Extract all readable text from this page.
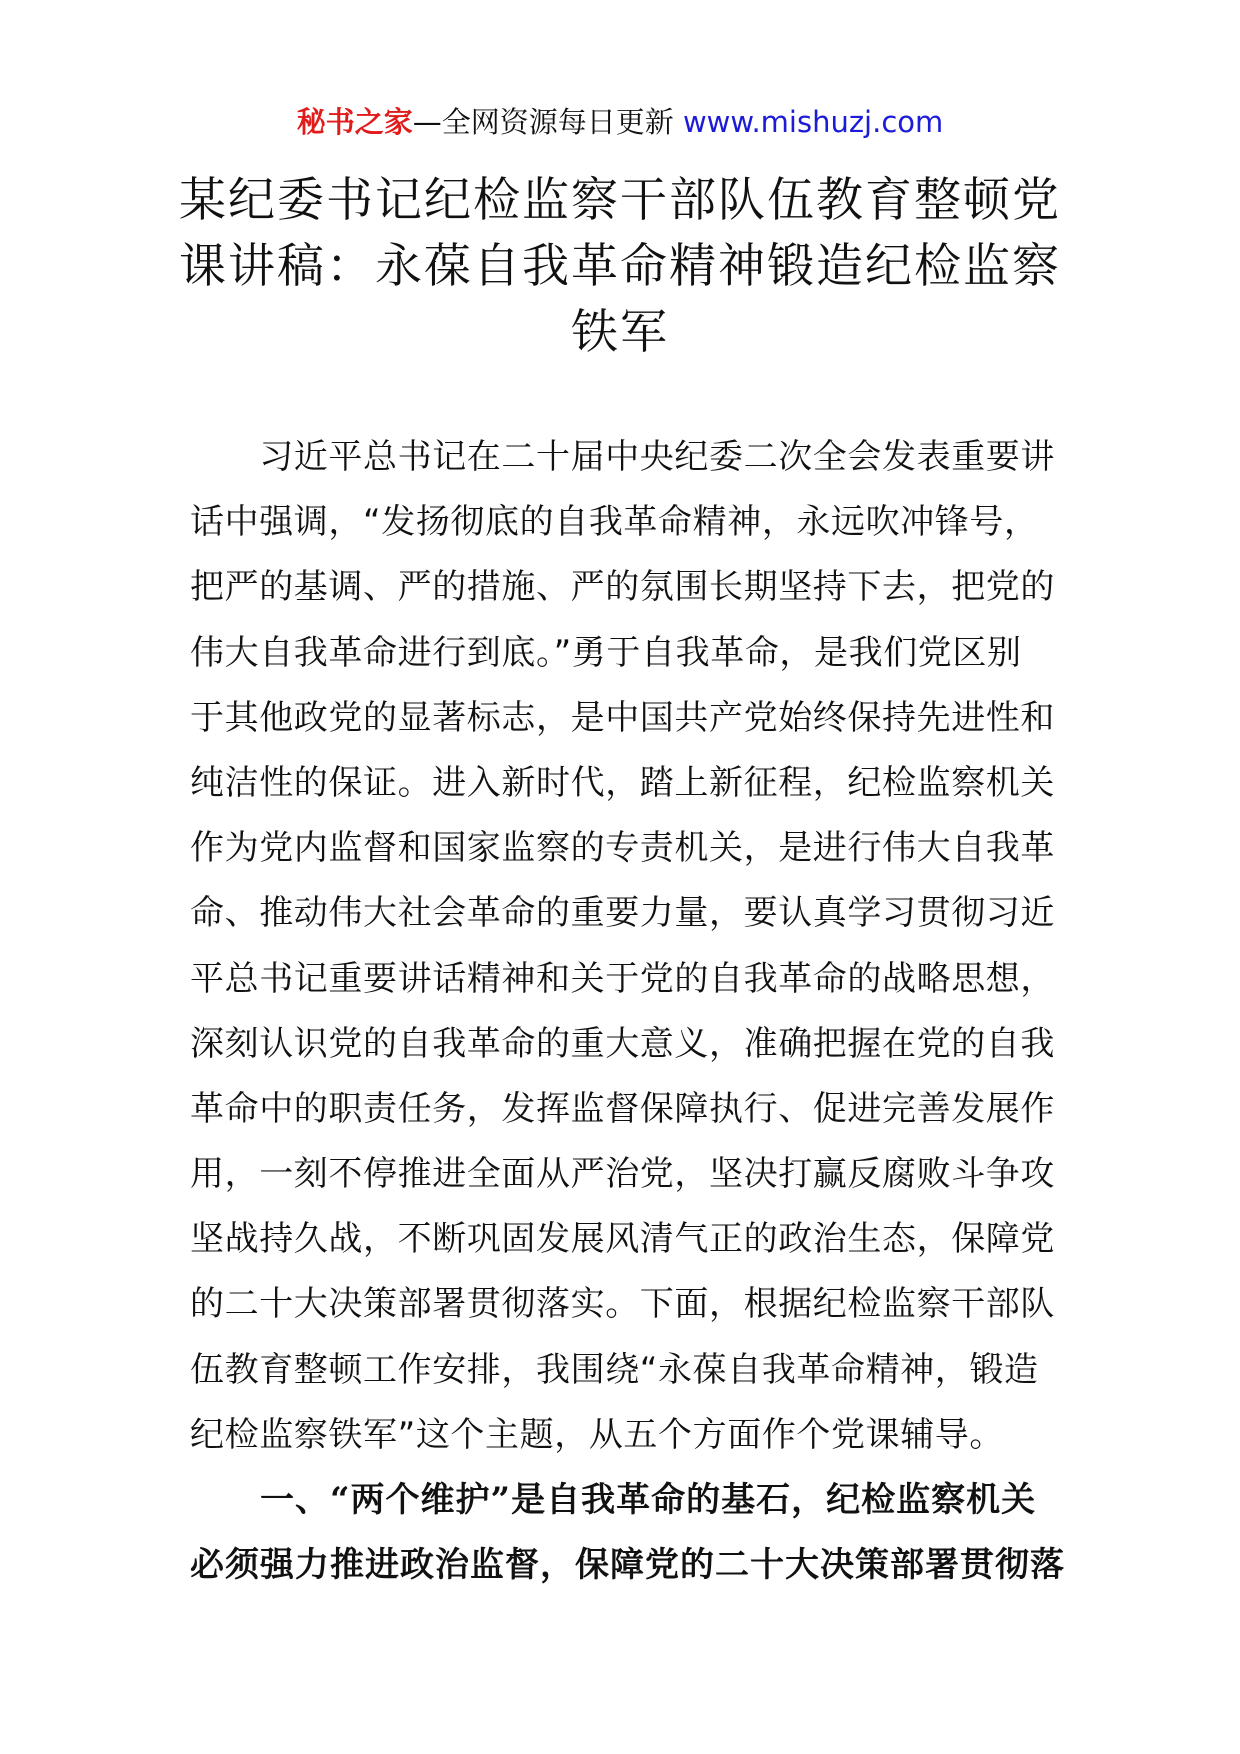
秘书之家—全网资源每日更新 www.mishuzj.com
某纪委书记纪检监察干部队伍教育整顿党
课讲稿：永葆自我革命精神锻造纪检监察
铁军
　　习近平总书记在二十届中央纪委二次全会发表重要讲
话中强调，“发扬彻底的自我革命精神，永远吹冲锋号，
把严的基调、严的措施、严的氛围长期坚持下去，把党的
伟大自我革命进行到底。”勇于自我革命，是我们党区别
于其他政党的显著标志，是中国共产党始终保持先进性和
纯洁性的保证。进入新时代，踏上新征程，纪检监察机关
作为党内监督和国家监察的专责机关，是进行伟大自我革
命、推动伟大社会革命的重要力量，要认真学习贯彻习近
平总书记重要讲话精神和关于党的自我革命的战略思想，
深刻认识党的自我革命的重大意义，准确把握在党的自我
革命中的职责任务，发挥监督保障执行、促进完善发展作
用，一刻不停推进全面从严治党，坚决打赢反腐败斗争攻
坚战持久战，不断巩固发展风清气正的政治生态，保障党
的二十大决策部署贯彻落实。下面，根据纪检监察干部队
伍教育整顿工作安排，我围绕“永葆自我革命精神，锻造
纪检监察铁军”这个主题，从五个方面作个党课辅导。
　　一、“两个维护”是自我革命的基石，纪检监察机关
必须强力推进政治监督，保障党的二十大决策部署贯彻落
